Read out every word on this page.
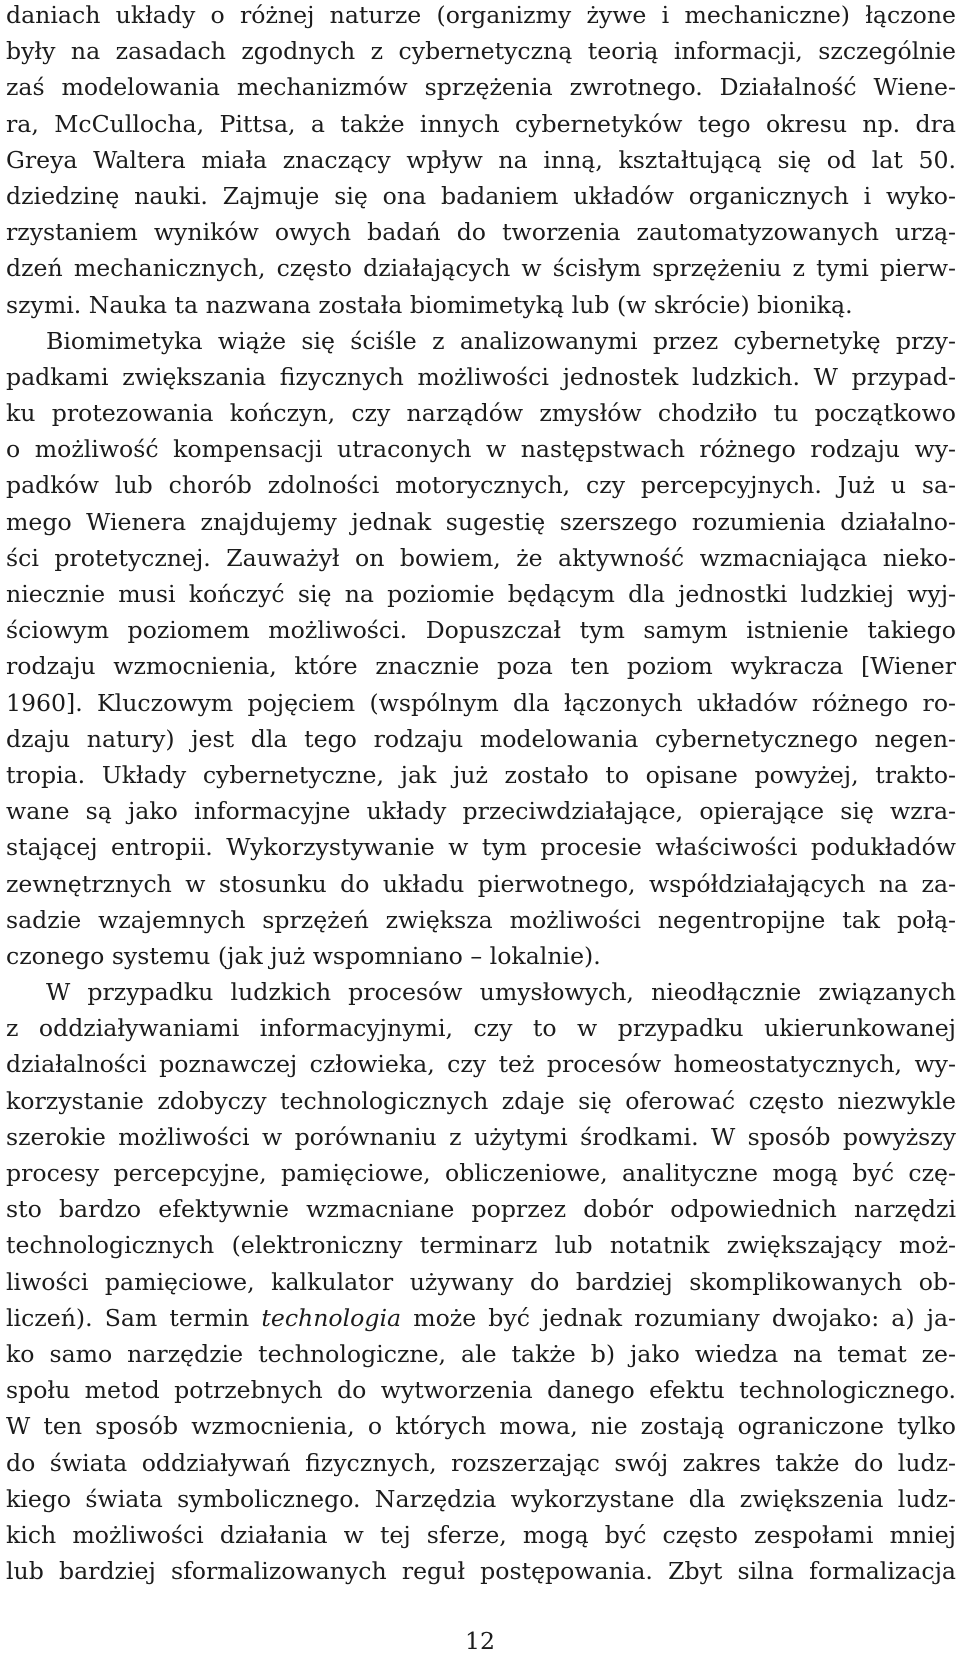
daniach układy o różnej naturze (organizmy żywe i mechaniczne) łączone
były na zasadach zgodnych z cybernetyczną teorią informacji, szczególnie
zaś modelowania mechanizmów sprzężenia zwrotnego. Działalność Wiene-
ra, McCullocha, Pittsa, a także innych cybernetyków tego okresu np. dra
Greya Waltera miała znaczący wpływ na inną, kształtującą się od lat 50.
dziedzinę nauki. Zajmuje się ona badaniem układów organicznych i wyko-
rzystaniem wyników owych badań do tworzenia zautomatyzowanych urzą-
dzeń mechanicznych, często działających w ścisłym sprzężeniu z tymi pierw-
szymi. Nauka ta nazwana została biomimetyką lub (w skrócie) bioniką.
Biomimetyka wiąże się ściśle z analizowanymi przez cybernetykę przy-
padkami zwiększania fizycznych możliwości jednostek ludzkich. W przypad-
ku protezowania kończyn, czy narządów zmysłów chodziło tu początkowo
o możliwość kompensacji utraconych w następstwach różnego rodzaju wy-
padków lub chorób zdolności motorycznych, czy percepcyjnych. Już u sa-
mego Wienera znajdujemy jednak sugestię szerszego rozumienia działalno-
ści protetycznej. Zauważył on bowiem, że aktywność wzmacniająca nieko-
niecznie musi kończyć się na poziomie będącym dla jednostki ludzkiej wyj-
ściowym poziomem możliwości. Dopuszczał tym samym istnienie takiego
rodzaju wzmocnienia, które znacznie poza ten poziom wykracza [Wiener
1960]. Kluczowym pojęciem (wspólnym dla łączonych układów różnego ro-
dzaju natury) jest dla tego rodzaju modelowania cybernetycznego negen-
tropia. Układy cybernetyczne, jak już zostało to opisane powyżej, trakto-
wane są jako informacyjne układy przeciwdziałające, opierające się wzra-
stającej entropii. Wykorzystywanie w tym procesie właściwości podukładów
zewnętrznych w stosunku do układu pierwotnego, współdziałających na za-
sadzie wzajemnych sprzężeń zwiększa możliwości negentropijne tak połą-
czonego systemu (jak już wspomniano – lokalnie).
W przypadku ludzkich procesów umysłowych, nieodłącznie związanych
z oddziaływaniami informacyjnymi, czy to w przypadku ukierunkowanej
działalności poznawczej człowieka, czy też procesów homeostatycznych, wy-
korzystanie zdobyczy technologicznych zdaje się oferować często niezwykle
szerokie możliwości w porównaniu z użytymi środkami. W sposób powyższy
procesy percepcyjne, pamięciowe, obliczeniowe, analityczne mogą być czę-
sto bardzo efektywnie wzmacniane poprzez dobór odpowiednich narzędzi
technologicznych (elektroniczny terminarz lub notatnik zwiększający moż-
liwości pamięciowe, kalkulator używany do bardziej skomplikowanych ob-
liczeń). Sam termin technologia może być jednak rozumiany dwojako: a) ja-
ko samo narzędzie technologiczne, ale także b) jako wiedza na temat ze-
społu metod potrzebnych do wytworzenia danego efektu technologicznego.
W ten sposób wzmocnienia, o których mowa, nie zostają ograniczone tylko
do świata oddziaływań fizycznych, rozszerzając swój zakres także do ludz-
kiego świata symbolicznego. Narzędzia wykorzystane dla zwiększenia ludz-
kich możliwości działania w tej sferze, mogą być często zespołami mniej
lub bardziej sformalizowanych reguł postępowania. Zbyt silna formalizacja
12
